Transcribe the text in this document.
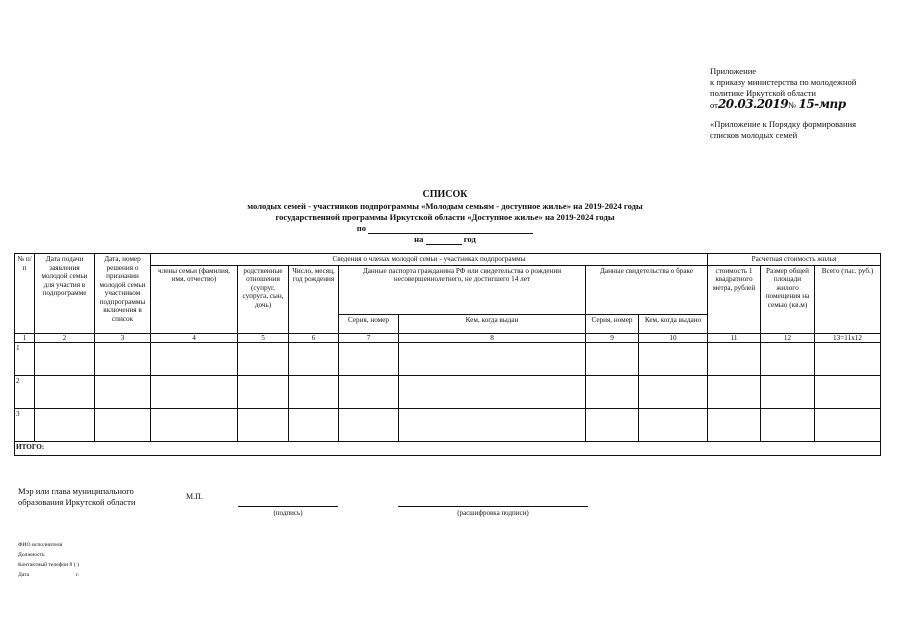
Приложение
к приказу министерства по молодежной
политике Иркутской области
от20.03.2019№ 15-мпр
«Приложение к Порядку формирования
списков молодых семей
СПИСОК
молодых семей - участников подпрограммы «Молодым семьям - доступное жилье» на 2019-2024 годы
государственной программы Иркутской области «Доступное жилье» на 2019-2024 годы
по
на	год
№ п/п	Дата подачи заявления молодой семьи для участия в подпрограмме	Дата, номер решения о признании молодой семьи участником подпрограммы включения в список	Сведения о членах молодой семьи - участниках подпрограммы							Расчетная стоимость жилья		
			члены семьи (фамилия, имя, отчество)	родственные отношения (супруг, супруга, сын, дочь)	Число, месяц, год рождения	Данные паспорта гражданина РФ или свидетельства о рождении несовершеннолетнего, не достигшего 14 лет		Данные свидетельства о браке		стоимость 1 квадратного метра, рублей	Размер общей площади жилого помещения на семью (кв.м)	Всего (тыс. руб.)
						Серия, номер	Кем, когда выдан	Серия, номер	Кем, когда выдано			
1	2	3	4	5	6	7	8	9	10	11	12	13=11x12
1												
2												
3												
ИТОГО:												
Мэр или глава муниципального
образования Иркутской области
М.П.
(подпись)	(расшифровка подписи)
ФИО исполнителя
Должность
Контактный телефон 8 ( )
Дата	г.
